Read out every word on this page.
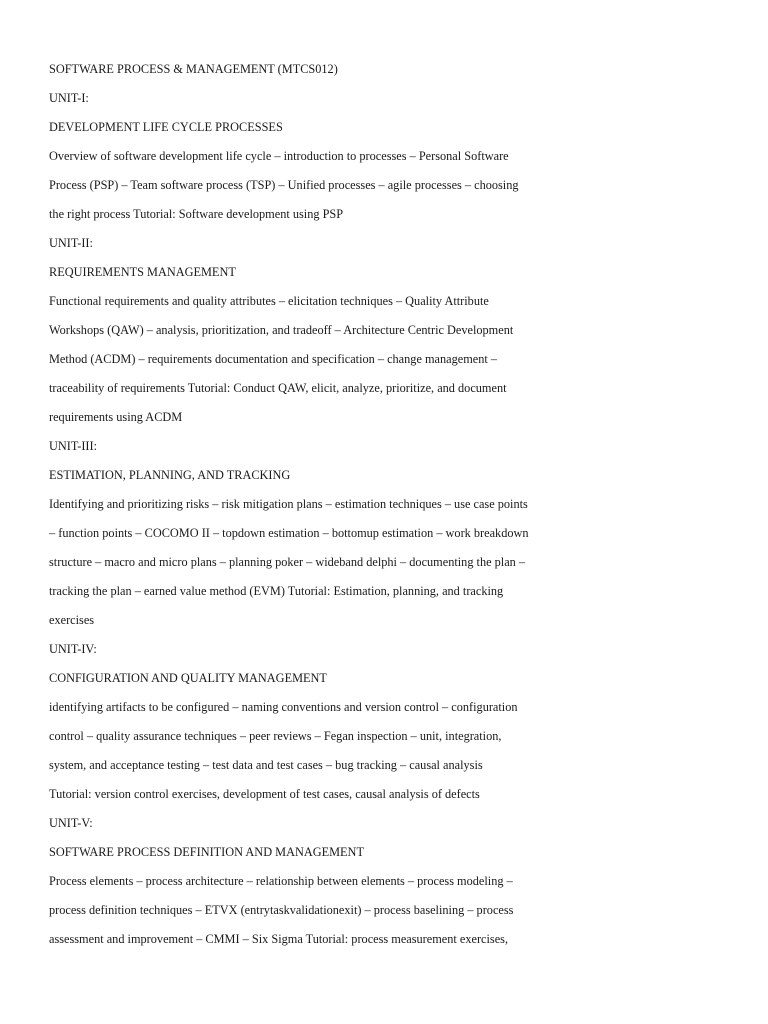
SOFTWARE PROCESS & MANAGEMENT (MTCS012)
UNIT-I:
DEVELOPMENT LIFE CYCLE PROCESSES
Overview of software development life cycle – introduction to processes – Personal Software
Process (PSP) – Team software process (TSP) – Unified processes – agile processes – choosing
the right process Tutorial: Software development using PSP
UNIT-II:
REQUIREMENTS MANAGEMENT
Functional requirements and quality attributes – elicitation techniques – Quality Attribute
Workshops (QAW) – analysis, prioritization, and tradeoff – Architecture Centric Development
Method (ACDM) – requirements documentation and specification – change management –
traceability of requirements Tutorial: Conduct QAW, elicit, analyze, prioritize, and document
requirements using ACDM
UNIT-III:
ESTIMATION, PLANNING, AND TRACKING
Identifying and prioritizing risks – risk mitigation plans – estimation techniques – use case points
– function points – COCOMO II – topdown estimation – bottomup estimation – work breakdown
structure – macro and micro plans – planning poker – wideband delphi – documenting the plan –
tracking the plan – earned value method (EVM) Tutorial: Estimation, planning, and tracking
exercises
UNIT-IV:
CONFIGURATION AND QUALITY MANAGEMENT
identifying artifacts to be configured – naming conventions and version control – configuration
control – quality assurance techniques – peer reviews – Fegan inspection – unit, integration,
system, and acceptance testing – test data and test cases – bug tracking – causal analysis
Tutorial: version control exercises, development of test cases, causal analysis of defects
UNIT-V:
SOFTWARE PROCESS DEFINITION AND MANAGEMENT
Process elements – process architecture – relationship between elements – process modeling –
process definition techniques – ETVX (entrytaskvalidationexit) – process baselining – process
assessment and improvement – CMMI – Six Sigma Tutorial: process measurement exercises,
